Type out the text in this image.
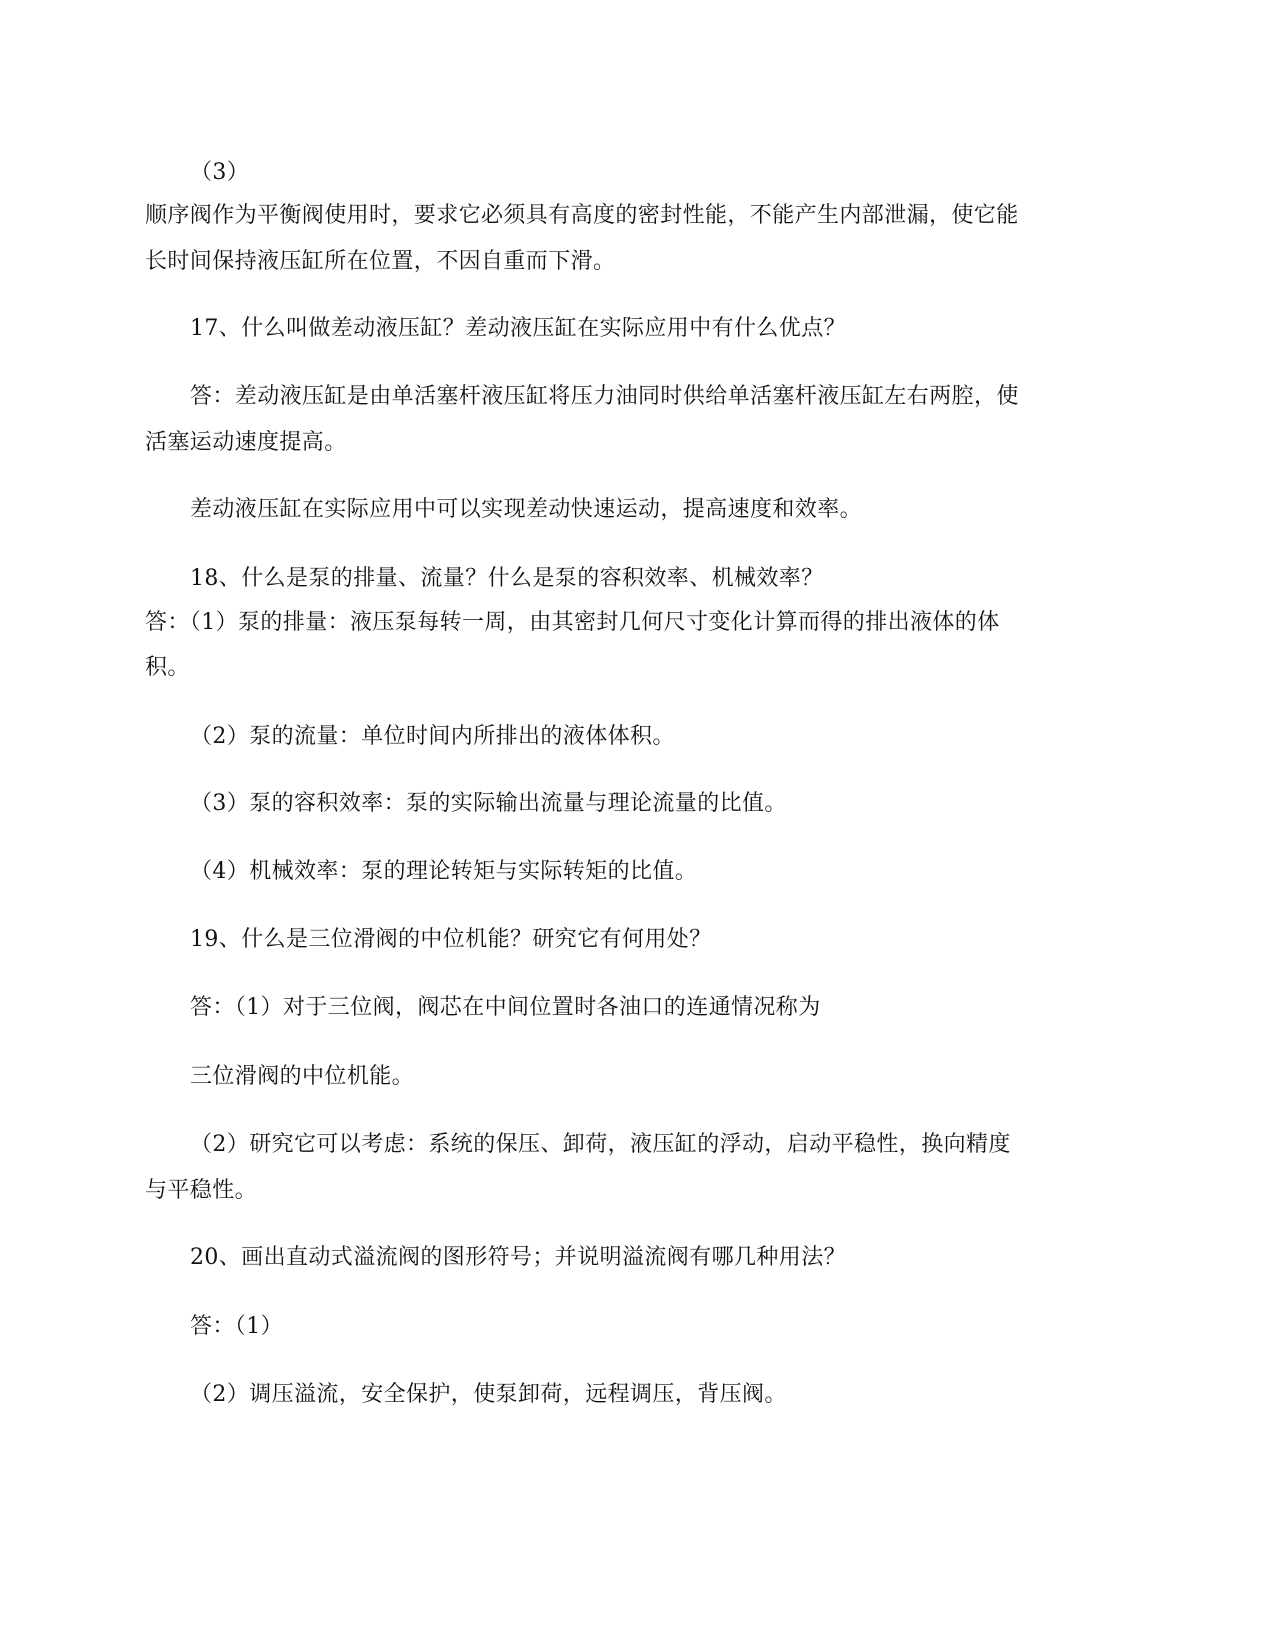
（3）

顺序阀作为平衡阀使用时，要求它必须具有高度的密封性能，不能产生内部泄漏，使它能

长时间保持液压缸所在位置，不因自重而下滑。

17、什么叫做差动液压缸？差动液压缸在实际应用中有什么优点？

答：差动液压缸是由单活塞杆液压缸将压力油同时供给单活塞杆液压缸左右两腔，使

活塞运动速度提高。

差动液压缸在实际应用中可以实现差动快速运动，提高速度和效率。

18、什么是泵的排量、流量？什么是泵的容积效率、机械效率？

答：（1）泵的排量：液压泵每转一周，由其密封几何尺寸变化计算而得的排出液体的体

积。

（2）泵的流量：单位时间内所排出的液体体积。

（3）泵的容积效率：泵的实际输出流量与理论流量的比值。

（4）机械效率：泵的理论转矩与实际转矩的比值。

19、什么是三位滑阀的中位机能？研究它有何用处？

答：（1）对于三位阀，阀芯在中间位置时各油口的连通情况称为

三位滑阀的中位机能。

（2）研究它可以考虑：系统的保压、卸荷，液压缸的浮动，启动平稳性，换向精度

与平稳性。

20、画出直动式溢流阀的图形符号；并说明溢流阀有哪几种用法？

答：（1）

（2）调压溢流，安全保护，使泵卸荷，远程调压，背压阀。
